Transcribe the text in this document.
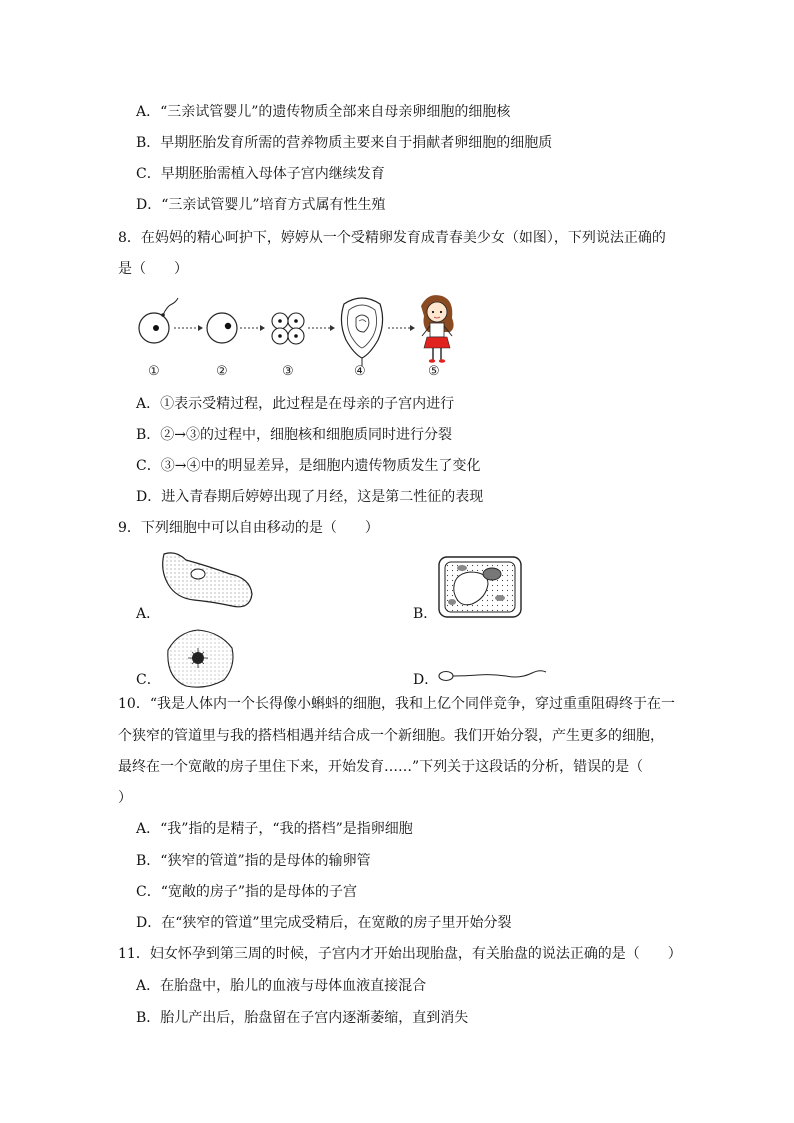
A．“三亲试管婴儿”的遗传物质全部来自母亲卵细胞的细胞核
B．早期胚胎发育所需的营养物质主要来自于捐献者卵细胞的细胞质
C．早期胚胎需植入母体子宫内继续发育
D．“三亲试管婴儿”培育方式属有性生殖
8．在妈妈的精心呵护下，婷婷从一个受精卵发育成青春美少女（如图），下列说法正确的
是（　　）
①	②	③	④	⑤
A．①表示受精过程，此过程是在母亲的子宫内进行
B．②→③的过程中，细胞核和细胞质同时进行分裂
C．③→④中的明显差异，是细胞内遗传物质发生了变化
D．进入青春期后婷婷出现了月经，这是第二性征的表现
9．下列细胞中可以自由移动的是（　　）
A．	B．
C．	D．
10．“我是人体内一个长得像小蝌蚪的细胞，我和上亿个同伴竞争，穿过重重阻碍终于在一
个狭窄的管道里与我的搭档相遇并结合成一个新细胞。我们开始分裂，产生更多的细胞，
最终在一个宽敞的房子里住下来，开始发育……”下列关于这段话的分析，错误的是（
）
A．“我”指的是精子，“我的搭档”是指卵细胞
B．“狭窄的管道”指的是母体的输卵管
C．“宽敞的房子”指的是母体的子宫
D．在“狭窄的管道”里完成受精后，在宽敞的房子里开始分裂
11．妇女怀孕到第三周的时候，子宫内才开始出现胎盘，有关胎盘的说法正确的是（　　）
A．在胎盘中，胎儿的血液与母体血液直接混合
B．胎儿产出后，胎盘留在子宫内逐渐萎缩，直到消失
